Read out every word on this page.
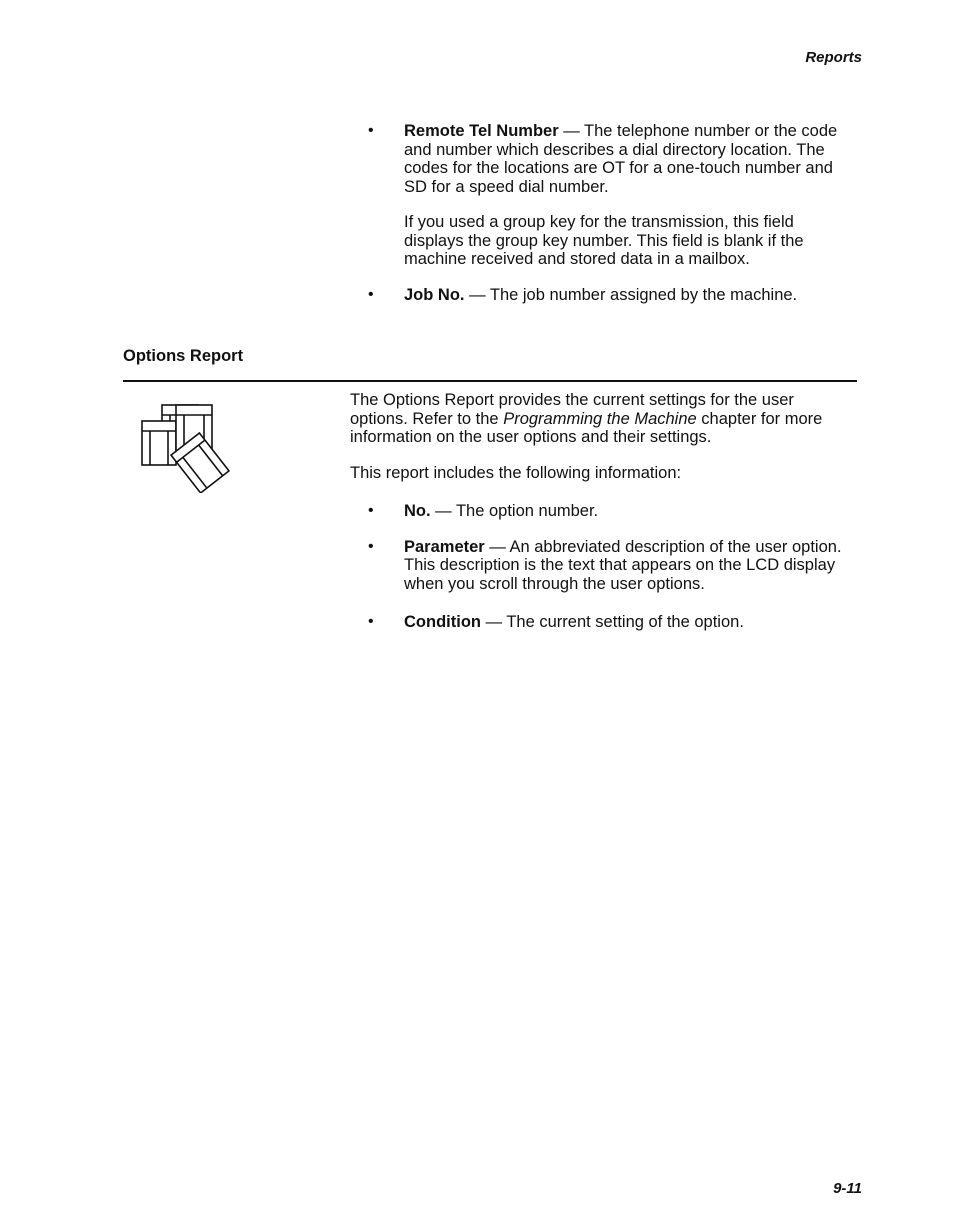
Reports
• Remote Tel Number — The telephone number or the code and number which describes a dial directory location. The codes for the locations are OT for a one-touch number and SD for a speed dial number.

If you used a group key for the transmission, this field displays the group key number. This field is blank if the machine received and stored data in a mailbox.

• Job No. — The job number assigned by the machine.
Options Report

The Options Report provides the current settings for the user options. Refer to the Programming the Machine chapter for more information on the user options and their settings.

This report includes the following information:

• No. — The option number.
• Parameter — An abbreviated description of the user option. This description is the text that appears on the LCD display when you scroll through the user options.
• Condition — The current setting of the option.
9-11
